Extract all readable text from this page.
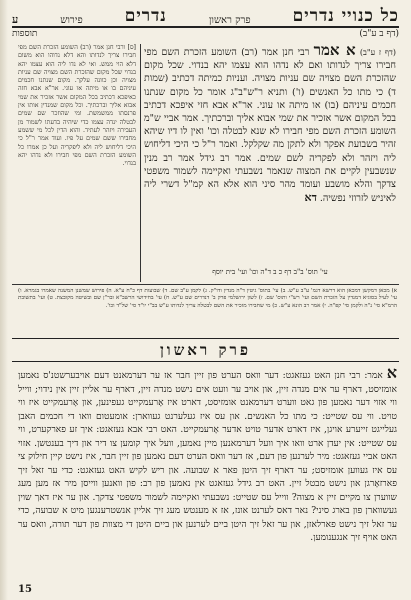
כל כנויי נדרים
פרק ראשון
נדרים
פירוש
ע
(דף ב ע"ב)
תוספות
(דף ז ע"ב) א אמר רבי חנן אמר (רב) השומע הזכרת השם מפי חבירו צריך לנדותו ואם לא נדהו הוא עצמו יהא בנדוי. שכל מקום שהזכרת השם מצויה שם עניות מצויה. ועניות כמיתה דכתיב (שמות ד) כי מתו כל האנשים (ו') ותניא ר"ש"ב"ג אומר כל מקום שנתנו חכמים עיניהם (בו) או מיתה או עוני. אר"א אבא חזי איפכא דכתיב בכל המקום אשר אזכיר את שמי אבוא אליך וברכתיך. אמר אביי ש"מ השומע הזכרת השם מפי חבירו לא שנא לבטלה וכו' ואין לו דיו שיהא זהיר בשבועת אפקר ולא לתקן מה שקלקל. ואמר ר"ל כי היכי דליחוש ליה ויזהר ולא לפקריה לשם שמים. אמר רב גידל אמר רב מנין שנשבעין לקיים את המצוה שנאמר נשבעתי ואקיימה לשמור משפטי צדקך והלא מושבע ועומד מהר סיני הוא אלא הא קמ"ל דשרי ליה לאיניש לזרוזי נפשיה. דא
[ס] ורבי חנן אמר (רב) השומע הזכרת השם מפי חבירו צריך לנדותו והא דלא נדוהו הוא משום דלא הוי ממש. ואי לא נדו ליה הוא עצמו יהא בנדוי שכל מקום שהזכרת השם מצויה שם עניות מצויה וכן כוונה עלקך. מקום שנתנו חכמים עיניהם בו או מיתה או עוני. אר"א אבא חזה כאיפכא דכתיב בכל המקום אשר אזכיר את שמי אבוא אליך וברכתיך. וכל מקום שמנדין אותו אין פרנסתו ממשמשת. ומי שהוזכר שם שמים לבטלה ינדה עצמו כדי שיהיה בדעתו לשמור מן העבירה ויזהר לעתיד. והוא הדין לכל מי ששמע מחבירו ששם שמים על פיו. ועוד אמר ר"ל כי היכי דליחוש ליה ולא ליפקריה ועל כן אמרו כל השומע הזכרת השם מפי חבירו ולא נדהו יהא בנדוי.
עי' תוס' ב"ב דף כ ב ד"ה וכו' ועי' בית יוסף
א) מכאן דמקשן דמכאן הוא דרשא דגמ' ע"ב ע"ש. ב) עי' בתוס' גיטין ד"ה מנדין ודו"ק. ג) לקמן ע"ב שם. ד) שבועות דף כ"ח ע"א. ה) פירוש שמשנן המשנה שאמרו בגמרא. ו) עי' לעיל בסוגיא דמנדין על הזכרת השם ועי' רש"י ותוס' שם. ז) לשון ירושלמי פרק ב' דנדרים שם ע"ש. ח) עי' בחידושי הרשב"א ובר"ן שם ובשיטה מקובצת. ט) ועי' בתשובת הרמ"א סי' נ"ה ולקמן סי' קפ"ה. י) אמר רב הונא ע"ש. כ) מי שחבירו מזכיר את השם לבטלה צריך לנדותו ע"ש בב"י יו"ד סי' של"ד וכו'.
פרק ראשון
א אמר: רבי חנן האט געזאגט: דער וואס הערט פון זיין חבר אז ער דערמאנט דעם אויבערשטנ'ס נאמען אומזיסט, דארף ער אים מנדה זיין, און אויב ער וועט אים נישט מנדה זיין, דארף ער אליין זיין אין נידוי; ווייל ווי אזוי דער נאמען פון גאט ווערט דערמאנט אומזיסט, דארט איז אָרעמקייט געפינען, און אָרעמקייט איז ווי טויט. ווי עס שטייט: כי מתו כל האנשים. און עס איז געלערנט געווארן: אומעטום וואו די חכמים האבן געלייגט זייערע אויגן, איז דארט אדער טויט אדער אָרעמקייט. האט רבי אבא געזאגט: איך זע פארקערט, ווי עס שטייט: אין יעדן ארט וואו איך וועל דערמאנען מיין נאמען, וועל איך קומען צו דיר און דיך בענטשן. אזוי האט אביי געזאגט: מיר לערנען פון דעם, אז דער וואס הערט דעם נאמען פון זיין חבר, איז נישט קיין חילוק צי עס איז געווען אומזיסט; ער דארף זיך היטן פאר א שבועה. און ריש לקיש האט געזאגט: כדי ער זאל זיך פארזאָרגן און נישט מבטל זיין. האט רב גידל געזאגט אין נאמען פון רב: פון וואנען ווייסן מיר אז מען מעג שווערן צו מקיים זיין א מצוה? ווייל עס שטייט: נשבעתי ואקיימה לשמור משפטי צדקך. און ער איז דאך שוין געשווארן פון בארג סיני? נאר דאס לערנט אונז, אז א מענטש מעג זיך אליין אנשטרענגען מיט א שבועה, כדי ער זאל זיך נישט פארלאזן, און ער זאל זיך היטן ביים לערנען און ביים היטן די מצוות פון דער תורה, וואס ער האט אויף זיך אנגענומען.
15
